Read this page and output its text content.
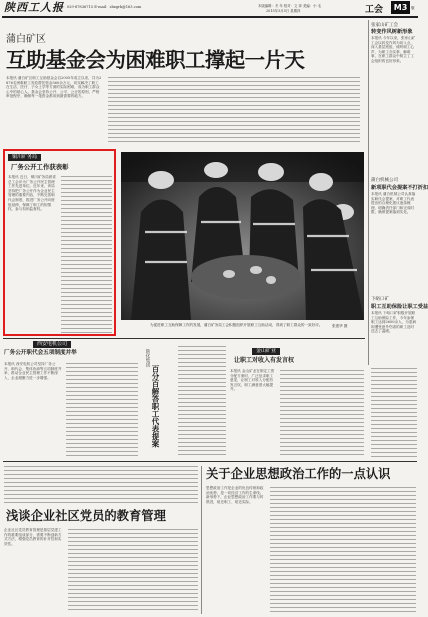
陕西工人报
电话：029-87836715 E-mail：shxgrb@163.com	本版编辑：冬 年 校对：文 萍 美编：小 毛
2015年3月5日 星期四	工会	M3	版
蒲白矿区
互助基金会为困难职工撑起一片天
本报讯 蒲白矿区职工互助基金会自2005年成立以来，共为2876名困难职工发放帮扶资金560余万元，切实解决了职工在生活、医疗、子女上学等方面的实际困难，成为职工群众心中的贴心人。基金会坚持公开、公平、公正的原则，严格审批程序，确保每一笔资金都用到最需要的地方。
张家山矿工会
转变作风树新形象
本报讯 今年以来，张家山矿工会以转变作风为切入点，深入基层班组，倾听职工心声，为职工办实事、解难事，在职工群众中树立了工会组织的良好形象。
蒲白机械公司
新项职代会提案不打折扣
本报讯 蒲白机械公司认真落实职代会提案，对职工代表提出的合理化建议逐条梳理，明确责任部门和完成时限，确保提案落到实处。
下峪口矿
职工互助保险让职工受益
本报讯 下峪口矿积极开展职工互助保险工作，今年参保职工达到2600余人，为患病和遭受意外伤害的职工及时送去了温暖。
铜川矿务局
厂务公开工作获表彰
本报讯 近日，铜川矿务局被省总工会评为厂务公开民主管理工作先进单位。近年来，该局坚持把厂务公开作为企业民主管理的重要内容，不断完善职代会制度，推进厂务公开向班组延伸，保障了职工的知情权、参与权和监督权。
为促进职工互助保障工作的发展，蒲白矿务局工会积极组织开展职工互助活动，得到了职工群众的一致好评。	张建华 摄
西安电机公司
厂务公开职代会五项制度并举
本报讯 西安电机公司坚持厂务公开、职代会、集体协商等五项制度并举，推动企业民主管理工作不断深入，企业凝聚力进一步增强。	百分百解答职工代表提案
陕化集团	金山矿业
让职工对收入有发言权
本报讯 金山矿业在制定工资分配方案时，广泛征求职工意见，让职工对收入分配有发言权，职工满意度大幅提升。
关于企业思想政治工作的一点认识
思想政治工作是企业的优良传统和政治优势，是一切经济工作的生命线。新形势下，企业思想政治工作要与时俱进，贴近职工、贴近实际。
浅谈企业社区党员的教育管理
企业社区党员教育管理是基层党建工作的重要组成部分，需要不断创新方式方法，增强党员教育的针对性和实效性。
